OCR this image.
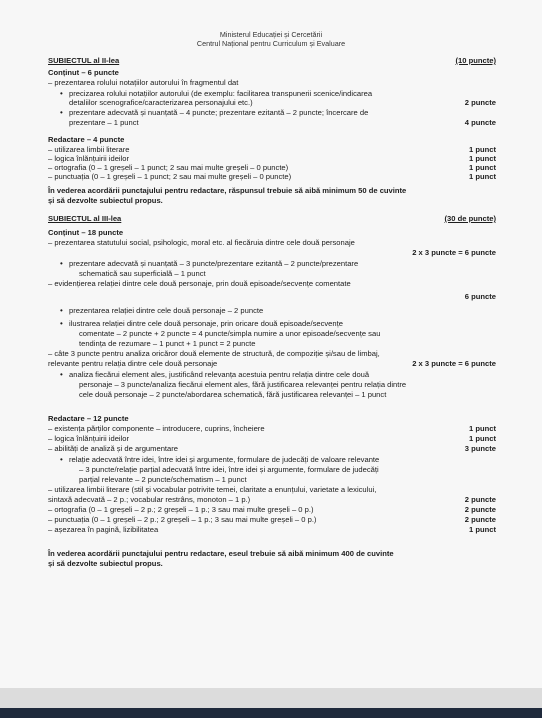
Ministerul Educației și Cercetării
Centrul Național pentru Curriculum și Evaluare
SUBIECTUL al II-lea	(10 puncte)
Conținut – 6 puncte
– prezentarea rolului notațiilor autorului în fragmentul dat
• precizarea rolului notațiilor autorului (de exemplu: facilitarea transpunerii scenice/indicarea
detaliilor scenografice/caracterizarea personajului etc.)	2 puncte
• prezentare adecvată și nuanțată – 4 puncte; prezentare ezitantă – 2 puncte; încercare de
prezentare – 1 punct	4 puncte
Redactare – 4 puncte
– utilizarea limbii literare	1 punct
– logica înlănțuirii ideilor	1 punct
– ortografia (0 – 1 greșeli – 1 punct; 2 sau mai multe greșeli – 0 puncte)	1 punct
– punctuația (0 – 1 greșeli – 1 punct; 2 sau mai multe greșeli – 0 puncte)	1 punct
În vederea acordării punctajului pentru redactare, răspunsul trebuie să aibă minimum 50 de cuvinte
și să dezvolte subiectul propus.
SUBIECTUL al III-lea	(30 de puncte)
Conținut – 18 puncte
– prezentarea statutului social, psihologic, moral etc. al fiecăruia dintre cele două personaje
2 x 3 puncte = 6 puncte
• prezentare adecvată și nuanțată – 3 puncte/prezentare ezitantă – 2 puncte/prezentare
schematică sau superficială – 1 punct
– evidențierea relației dintre cele două personaje, prin două episoade/secvențe comentate
6 puncte
• prezentarea relației dintre cele două personaje – 2 puncte
• ilustrarea relației dintre cele două personaje, prin oricare două episoade/secvențe
comentate – 2 puncte + 2 puncte = 4 puncte/simpla numire a unor episoade/secvențe sau
tendința de rezumare – 1 punct + 1 punct = 2 puncte
– câte 3 puncte pentru analiza oricăror două elemente de structură, de compoziție și/sau de limbaj,
relevante pentru relația dintre cele două personaje	2 x 3 puncte = 6 puncte
• analiza fiecărui element ales, justificând relevanța acestuia pentru relația dintre cele două
personaje – 3 puncte/analiza fiecărui element ales, fără justificarea relevanței pentru relația dintre
cele două personaje – 2 puncte/abordarea schematică, fără justificarea relevanței – 1 punct
Redactare – 12 puncte
– existența părților componente – introducere, cuprins, încheiere	1 punct
– logica înlănțuirii ideilor	1 punct
– abilități de analiză și de argumentare	3 puncte
• relație adecvată între idei, între idei și argumente, formulare de judecăți de valoare relevante
– 3 puncte/relație parțial adecvată între idei, între idei și argumente, formulare de judecăți
parțial relevante – 2 puncte/schematism – 1 punct
– utilizarea limbii literare (stil și vocabular potrivite temei, claritate a enunțului, varietate a lexicului,
sintaxă adecvată – 2 p.; vocabular restrâns, monoton – 1 p.)	2 puncte
– ortografia (0 – 1 greșeli – 2 p.; 2 greșeli – 1 p.; 3 sau mai multe greșeli – 0 p.)	2 puncte
– punctuația (0 – 1 greșeli – 2 p.; 2 greșeli – 1 p.; 3 sau mai multe greșeli – 0 p.)	2 puncte
– așezarea în pagină, lizibilitatea	1 punct
În vederea acordării punctajului pentru redactare, eseul trebuie să aibă minimum 400 de cuvinte
și să dezvolte subiectul propus.
